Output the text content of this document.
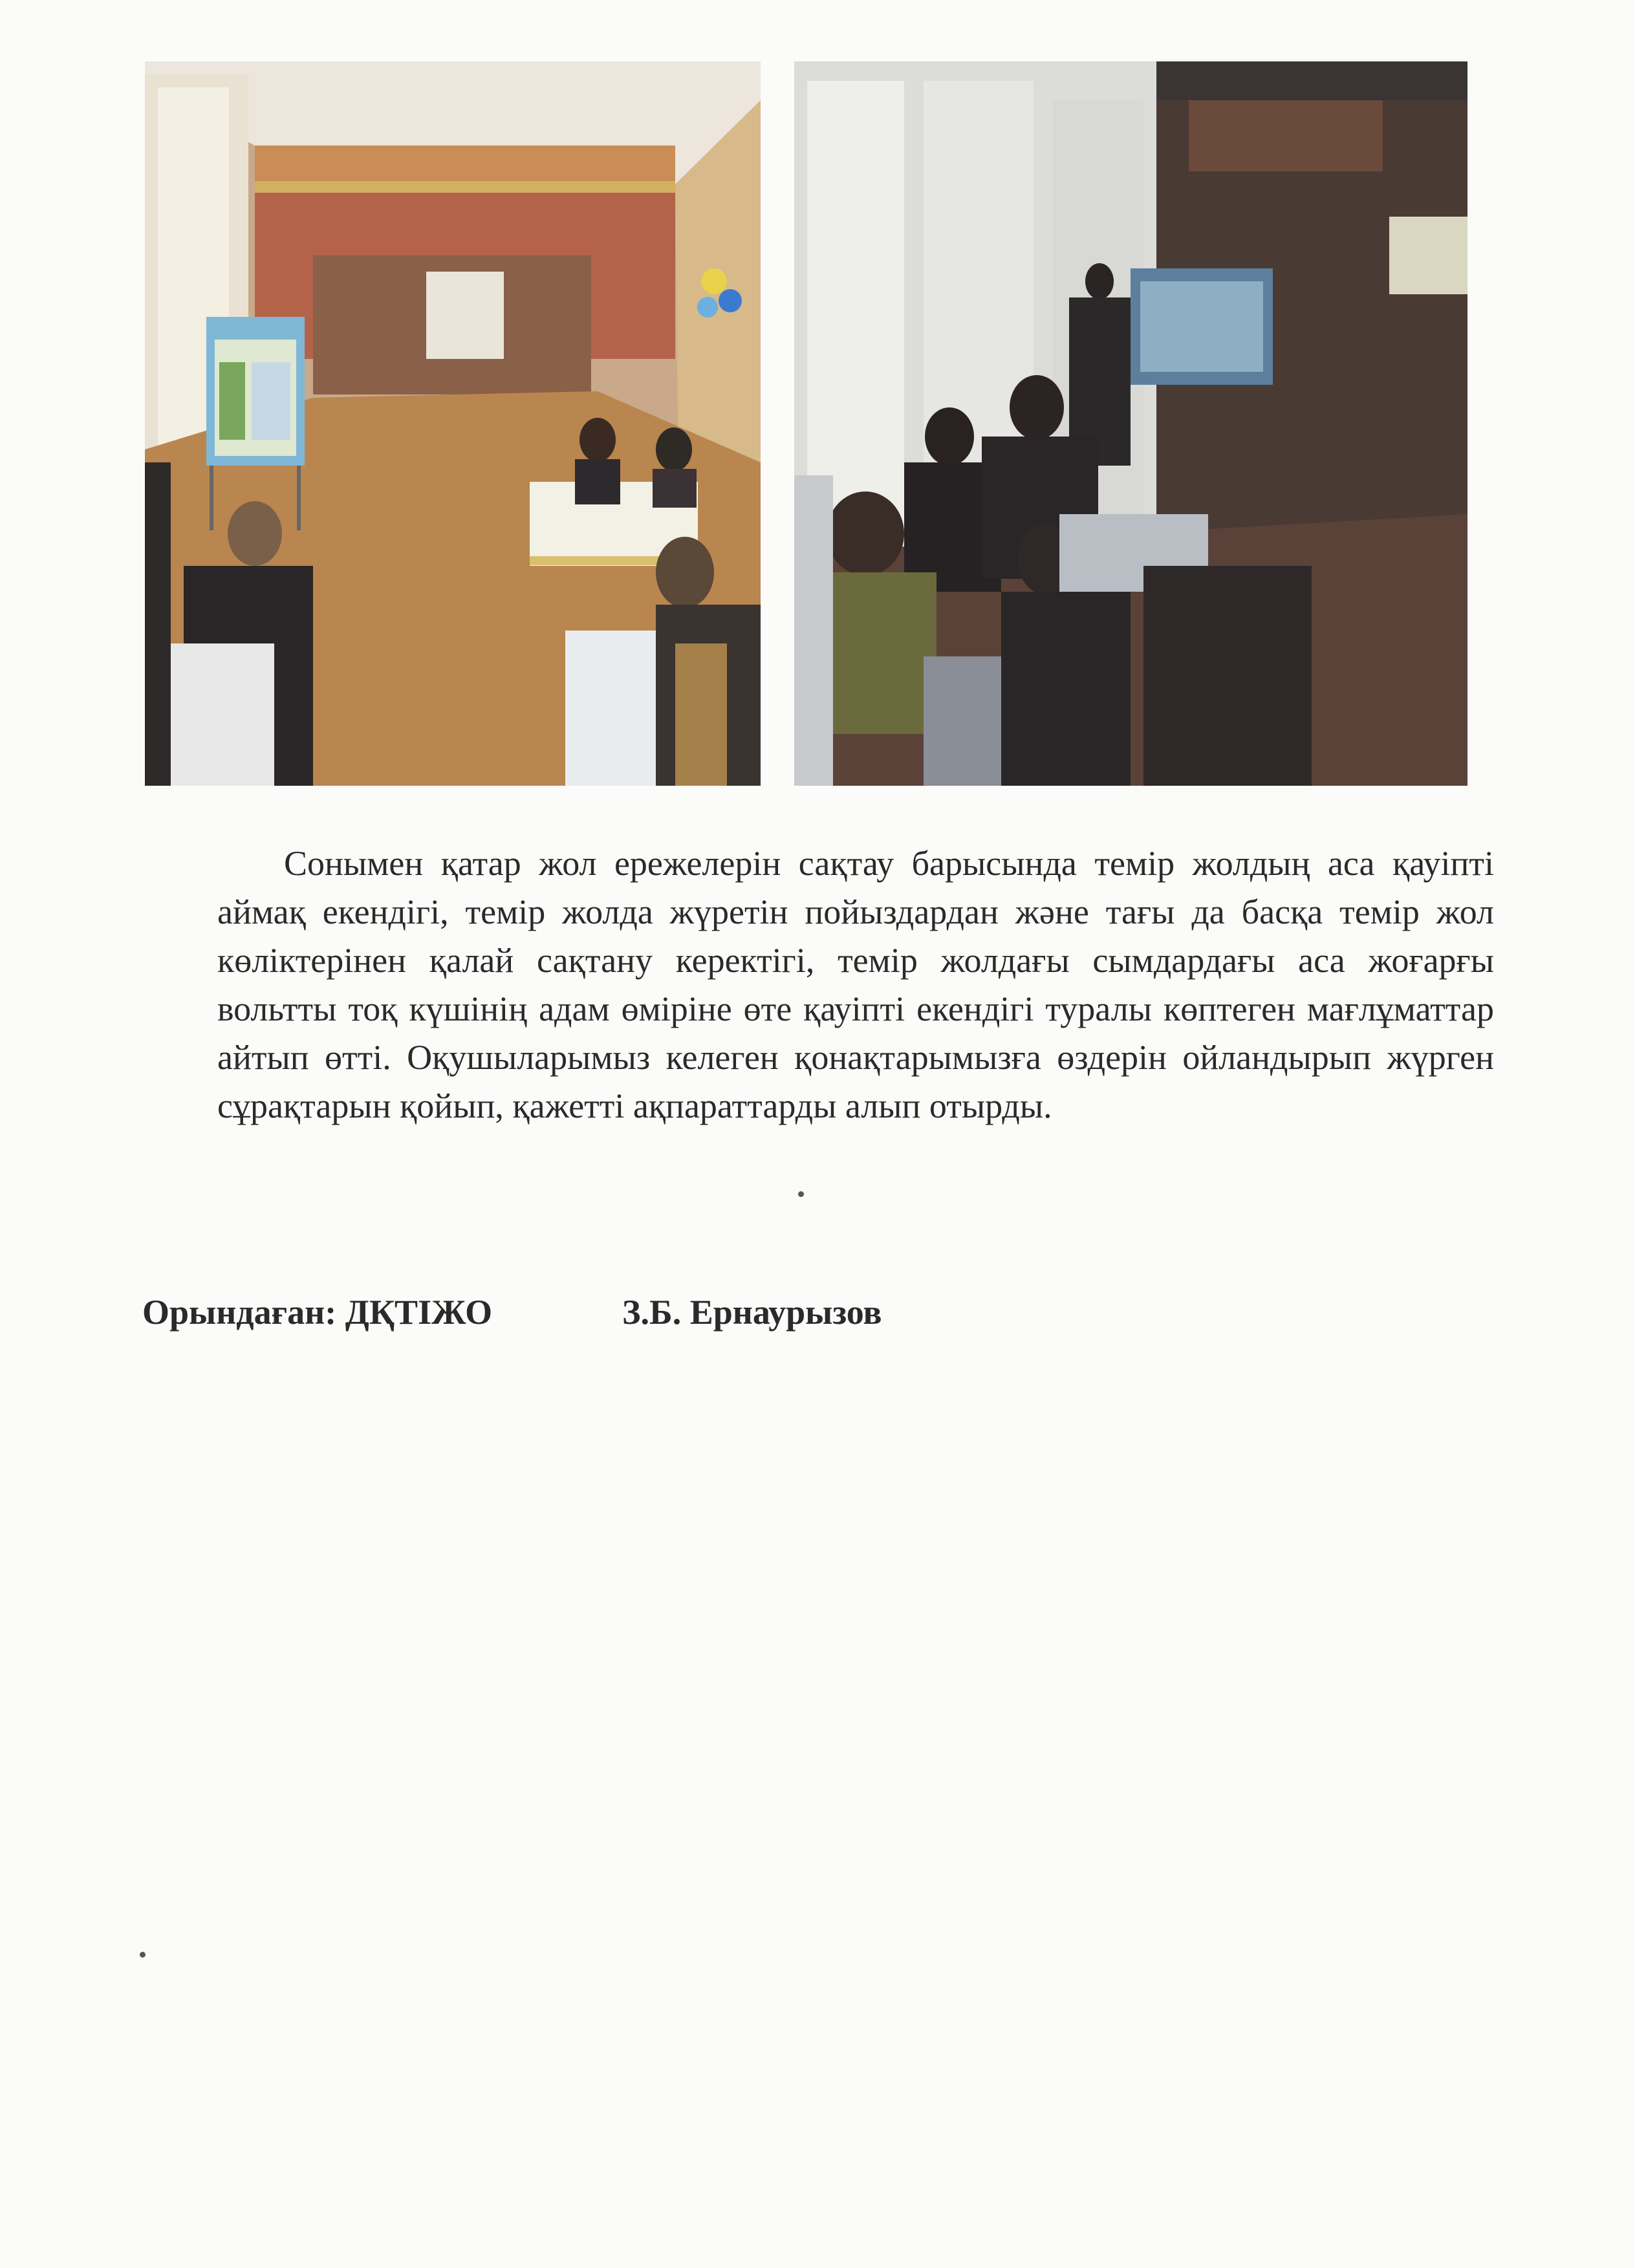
Сонымен қатар жол ережелерін сақтау барысында темір жолдың аса қауіпті аймақ екендігі, темір жолда жүретін пойыздардан және тағы да басқа темір жол көліктерінен қалай сақтану керектігі, темір жолдағы сымдардағы аса жоғарғы вольтты тоқ күшінің адам өміріне өте қауіпті екендігі туралы көптеген мағлұматтар айтып өтті. Оқушыларымыз келеген қонақтарымызға өздерін ойландырып жүрген сұрақтарын қойып, қажетті ақпараттарды алып отырды.

Орындаған: ДҚТІЖО	З.Б. Ернаурызов
